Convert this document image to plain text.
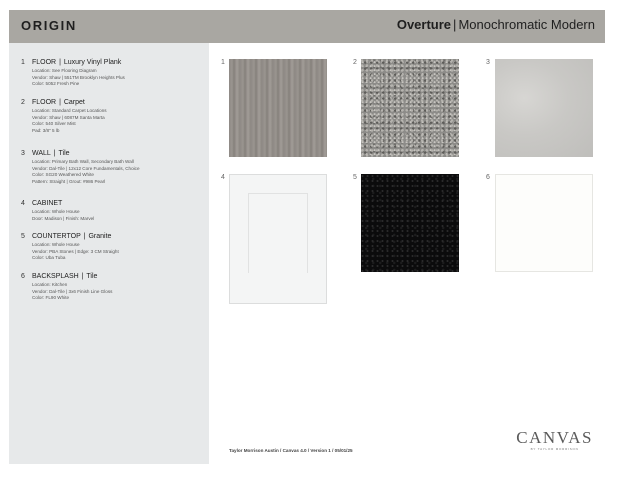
ORIGIN	Overture | Monochromatic Modern
1 FLOOR | Luxury Vinyl Plank
Location: See Flooring Diagram
Vendor: Shaw | 551TM Brooklyn Heights Plus
Color: 5052 Fresh Pine
2 FLOOR | Carpet
Location: Standard Carpet Locations
Vendor: Shaw | 6087M Santa Marta
Color: 540 Silver Mist
Pad: 3/8" 5 lb
3 WALL | Tile
Location: Primary Bath Wall, Secondary Bath Wall
Vendor: Dal-Tile | 12x12 Core Fundamentals, Choice
Color: SG20 Weathered White
Pattern: Straight | Grout: #986 Pearl
4 CABINET
Location: Whole House
Door: Madison | Finish: Marvel
5 COUNTERTOP | Granite
Location: Whole House
Vendor: PBA Stones | Edge: 3 CM Straight
Color: Uba Tuba
6 BACKSPLASH | Tile
Location: Kitchen
Vendor: Dal-Tile | 3x6 Finish Line Gloss
Color: FL90 White
1	2	3
4	5	6
Taylor Morrison Austin / Canvas 4.0 / Version 1 / 05/01/25
CANVAS
BY TAYLOR MORRISON
